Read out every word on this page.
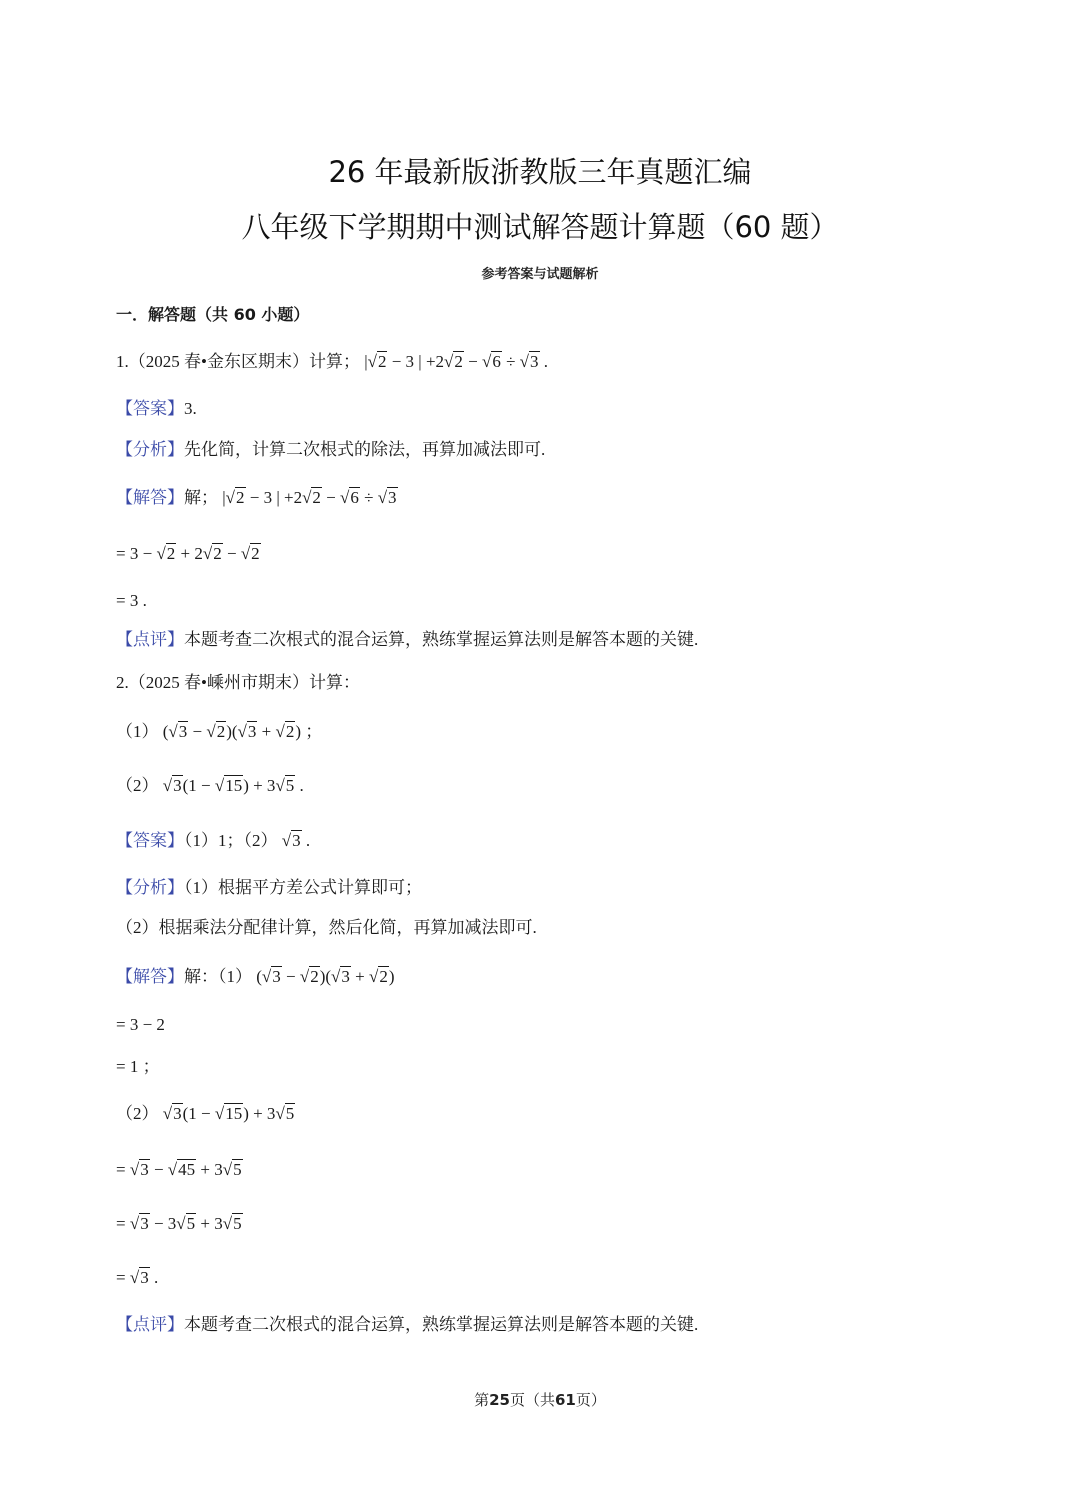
26 年最新版浙教版三年真题汇编
八年级下学期期中测试解答题计算题（60 题）
参考答案与试题解析
一．解答题（共 60 小题）
1.（2025 春•金东区期末）计算； |√2 − 3 | +2√2 − √6 ÷ √3 .
【答案】3.
【分析】先化简，计算二次根式的除法，再算加减法即可.
【解答】解； |√2 − 3 | +2√2 − √6 ÷ √3
= 3 − √2 + 2√2 − √2
= 3 .
【点评】本题考查二次根式的混合运算，熟练掌握运算法则是解答本题的关键.
2.（2025 春•嵊州市期末）计算：
（1） (√3 − √2)(√3 + √2) ；
（2） √3(1 − √15) + 3√5 .
【答案】（1）1；（2） √3 .
【分析】（1）根据平方差公式计算即可；
（2）根据乘法分配律计算，然后化简，再算加减法即可.
【解答】解：（1） (√3 − √2)(√3 + √2)
= 3 − 2
= 1 ；
（2） √3(1 − √15) + 3√5
= √3 − √45 + 3√5
= √3 − 3√5 + 3√5
= √3 .
【点评】本题考查二次根式的混合运算，熟练掌握运算法则是解答本题的关键.
第25页（共61页）
